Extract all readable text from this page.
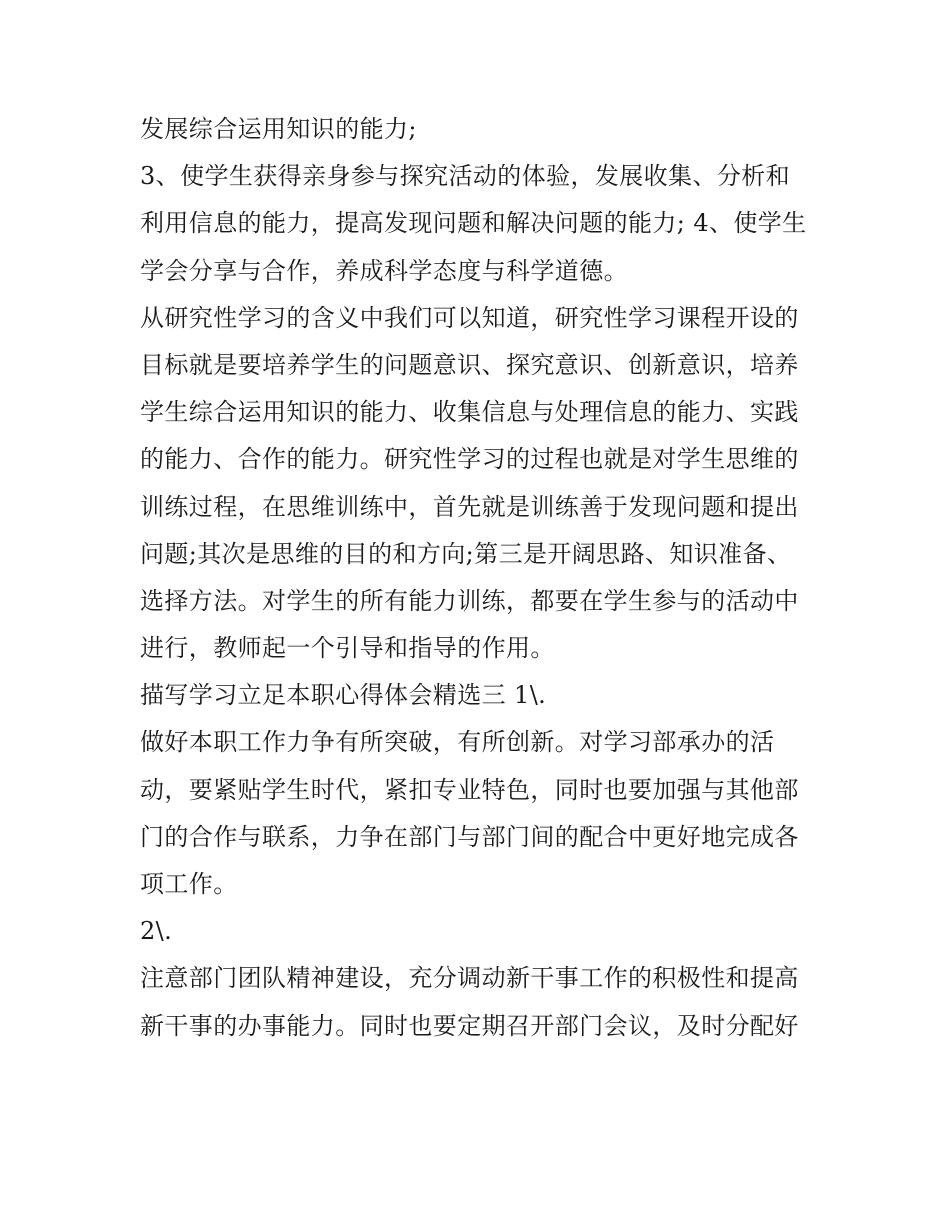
发展综合运用知识的能力;
3、使学生获得亲身参与探究活动的体验，发展收集、分析和
利用信息的能力，提高发现问题和解决问题的能力; 4、使学生
学会分享与合作，养成科学态度与科学道德。
从研究性学习的含义中我们可以知道，研究性学习课程开设的
目标就是要培养学生的问题意识、探究意识、创新意识，培养
学生综合运用知识的能力、收集信息与处理信息的能力、实践
的能力、合作的能力。研究性学习的过程也就是对学生思维的
训练过程，在思维训练中，首先就是训练善于发现问题和提出
问题;其次是思维的目的和方向;第三是开阔思路、知识准备、
选择方法。对学生的所有能力训练，都要在学生参与的活动中
进行，教师起一个引导和指导的作用。
描写学习立足本职心得体会精选三 1\.
做好本职工作力争有所突破，有所创新。对学习部承办的活
动，要紧贴学生时代，紧扣专业特色，同时也要加强与其他部
门的合作与联系，力争在部门与部门间的配合中更好地完成各
项工作。
2\.
注意部门团队精神建设，充分调动新干事工作的积极性和提高
新干事的办事能力。同时也要定期召开部门会议，及时分配好
